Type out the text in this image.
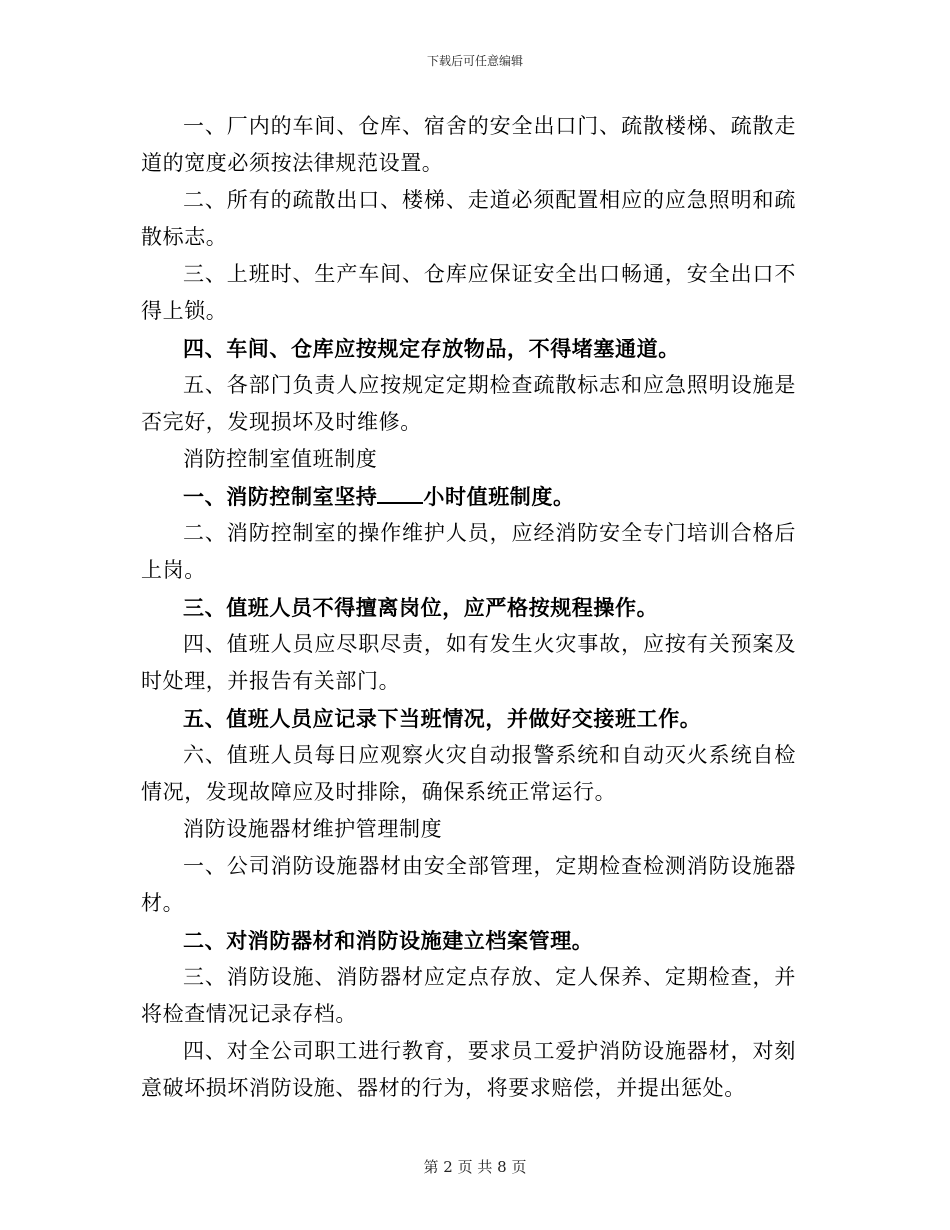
下载后可任意编辑

一、厂内的车间、仓库、宿舍的安全出口门、疏散楼梯、疏散走道的宽度必须按法律规范设置。

二、所有的疏散出口、楼梯、走道必须配置相应的应急照明和疏散标志。

三、上班时、生产车间、仓库应保证安全出口畅通，安全出口不得上锁。

四、车间、仓库应按规定存放物品，不得堵塞通道。

五、各部门负责人应按规定定期检查疏散标志和应急照明设施是否完好，发现损坏及时维修。

消防控制室值班制度

一、消防控制室坚持 小时值班制度。

二、消防控制室的操作维护人员，应经消防安全专门培训合格后上岗。

三、值班人员不得擅离岗位，应严格按规程操作。

四、值班人员应尽职尽责，如有发生火灾事故，应按有关预案及时处理，并报告有关部门。

五、值班人员应记录下当班情况，并做好交接班工作。

六、值班人员每日应观察火灾自动报警系统和自动灭火系统自检情况，发现故障应及时排除，确保系统正常运行。

消防设施器材维护管理制度

一、公司消防设施器材由安全部管理，定期检查检测消防设施器材。

二、对消防器材和消防设施建立档案管理。

三、消防设施、消防器材应定点存放、定人保养、定期检查，并将检查情况记录存档。

四、对全公司职工进行教育，要求员工爱护消防设施器材，对刻意破坏损坏消防设施、器材的行为，将要求赔偿，并提出惩处。

第 2 页 共 8 页
